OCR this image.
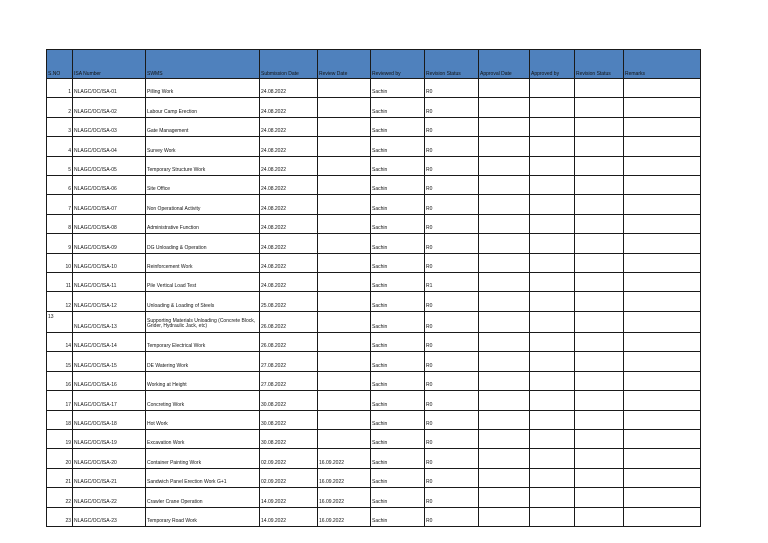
S.NO	ISA Number	SWMS	Submission Date	Review Date	Reviewed by	Revision Status	Approval Date	Approved by	Revision Status	Remarks
1	NLAGC/OC/ISA-01	Pilling Work	24.08.2022		Sachin	R0				
2	NLAGC/OC/ISA-02	Labour Camp Erection	24.08.2022		Sachin	R0				
3	NLAGC/OC/ISA-03	Gate Management	24.08.2022		Sachin	R0				
4	NLAGC/OC/ISA-04	Survey Work	24.08.2022		Sachin	R0				
5	NLAGC/OC/ISA-05	Temporary Structure Work	24.08.2022		Sachin	R0				
6	NLAGC/OC/ISA-06	Site Office	24.08.2022		Sachin	R0				
7	NLAGC/OC/ISA-07	Non Operational Activity	24.08.2022		Sachin	R0				
8	NLAGC/OC/ISA-08	Administrative Function	24.08.2022		Sachin	R0				
9	NLAGC/OC/ISA-09	DG Unloading & Operation	24.08.2022		Sachin	R0				
10	NLAGC/OC/ISA-10	Reinforcement Work	24.08.2022		Sachin	R0				
11	NLAGC/OC/ISA-11	Pile Vertical Load Test	24.08.2022		Sachin	R1				
12	NLAGC/OC/ISA-12	Unloading & Loading of Steels	25.08.2022		Sachin	R0				
13	NLAGC/OC/ISA-13	Supporting Materials Unloading (Concrete Block, Grider, Hydraulic Jack, etc)	26.08.2022		Sachin	R0				
14	NLAGC/OC/ISA-14	Temporary Electrical Work	26.08.2022		Sachin	R0				
15	NLAGC/OC/ISA-15	DE Watering Work	27.08.2022		Sachin	R0				
16	NLAGC/OC/ISA-16	Working at Height	27.08.2022		Sachin	R0				
17	NLAGC/OC/ISA-17	Concreting Work	30.08.2022		Sachin	R0				
18	NLAGC/OC/ISA-18	Hot Work	30.08.2022		Sachin	R0				
19	NLAGC/OC/ISA-19	Excavation Work	30.08.2022		Sachin	R0				
20	NLAGC/OC/ISA-20	Container Painting Work	02.09.2022	16.09.2022	Sachin	R0				
21	NLAGC/OC/ISA-21	Sandwich Panel Erection Work G+1	02.09.2022	16.09.2022	Sachin	R0				
22	NLAGC/OC/ISA-22	Crawler Crane Operation	14.09.2022	16.09.2022	Sachin	R0				
23	NLAGC/OC/ISA-23	Temporary Road Work	14.09.2022	16.09.2022	Sachin	R0				
